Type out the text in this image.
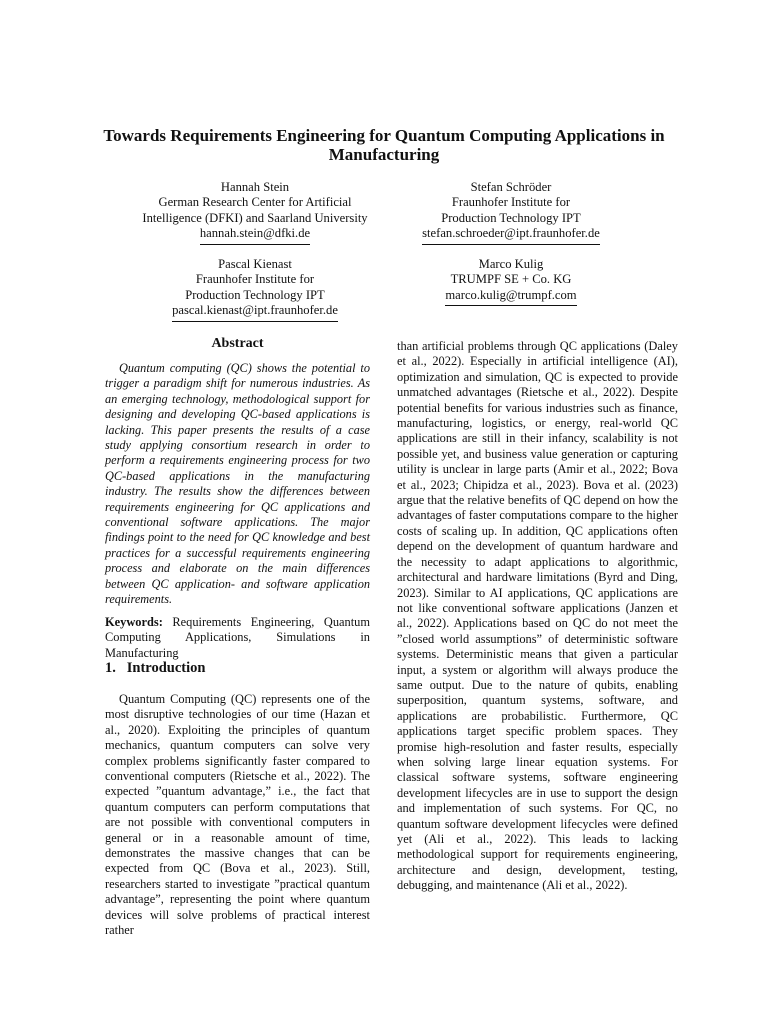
Towards Requirements Engineering for Quantum Computing Applications in Manufacturing
Hannah Stein
German Research Center for Artificial
Intelligence (DFKI) and Saarland University
hannah.stein@dfki.de
Stefan Schröder
Fraunhofer Institute for
Production Technology IPT
stefan.schroeder@ipt.fraunhofer.de
Pascal Kienast
Fraunhofer Institute for
Production Technology IPT
pascal.kienast@ipt.fraunhofer.de
Marco Kulig
TRUMPF SE + Co. KG
marco.kulig@trumpf.com
Abstract
Quantum computing (QC) shows the potential to trigger a paradigm shift for numerous industries. As an emerging technology, methodological support for designing and developing QC-based applications is lacking. This paper presents the results of a case study applying consortium research in order to perform a requirements engineering process for two QC-based applications in the manufacturing industry. The results show the differences between requirements engineering for QC applications and conventional software applications. The major findings point to the need for QC knowledge and best practices for a successful requirements engineering process and elaborate on the main differences between QC application- and software application requirements.
Keywords: Requirements Engineering, Quantum Computing Applications, Simulations in Manufacturing
1.   Introduction
Quantum Computing (QC) represents one of the most disruptive technologies of our time (Hazan et al., 2020). Exploiting the principles of quantum mechanics, quantum computers can solve very complex problems significantly faster compared to conventional computers (Rietsche et al., 2022). The expected ”quantum advantage,” i.e., the fact that quantum computers can perform computations that are not possible with conventional computers in general or in a reasonable amount of time, demonstrates the massive changes that can be expected from QC (Bova et al., 2023). Still, researchers started to investigate ”practical quantum advantage”, representing the point where quantum devices will solve problems of practical interest rather
than artificial problems through QC applications (Daley et al., 2022). Especially in artificial intelligence (AI), optimization and simulation, QC is expected to provide unmatched advantages (Rietsche et al., 2022). Despite potential benefits for various industries such as finance, manufacturing, logistics, or energy, real-world QC applications are still in their infancy, scalability is not possible yet, and business value generation or capturing utility is unclear in large parts (Amir et al., 2022; Bova et al., 2023; Chipidza et al., 2023). Bova et al. (2023) argue that the relative benefits of QC depend on how the advantages of faster computations compare to the higher costs of scaling up. In addition, QC applications often depend on the development of quantum hardware and the necessity to adapt applications to algorithmic, architectural and hardware limitations (Byrd and Ding, 2023). Similar to AI applications, QC applications are not like conventional software applications (Janzen et al., 2022). Applications based on QC do not meet the ”closed world assumptions” of deterministic software systems. Deterministic means that given a particular input, a system or algorithm will always produce the same output. Due to the nature of qubits, enabling superposition, quantum systems, software, and applications are probabilistic. Furthermore, QC applications target specific problem spaces. They promise high-resolution and faster results, especially when solving large linear equation systems. For classical software systems, software engineering development lifecycles are in use to support the design and implementation of such systems. For QC, no quantum software development lifecycles were defined yet (Ali et al., 2022). This leads to lacking methodological support for requirements engineering, architecture and design, development, testing, debugging, and maintenance (Ali et al., 2022).
